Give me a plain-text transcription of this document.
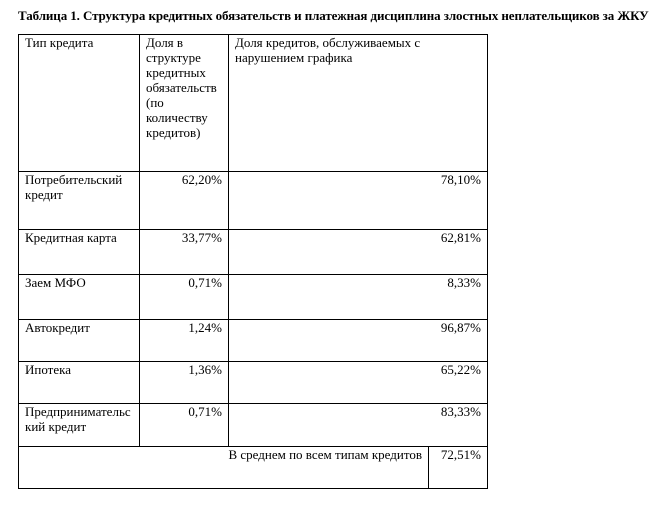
Таблица 1. Структура кредитных обязательств и платежная дисциплина злостных неплательщиков за ЖКУ
Тип кредита	Доля в структуре кредитных обязательств (по количеству кредитов)	Доля кредитов, обслуживаемых с нарушением графика	
Потребительский кредит	62,20%	78,10%	
Кредитная карта	33,77%	62,81%	
Заем МФО	0,71%	8,33%	
Автокредит	1,24%	96,87%	
Ипотека	1,36%	65,22%	
Предпринимательский кредит	0,71%	83,33%	
В среднем по всем типам кредитов			72,51%
